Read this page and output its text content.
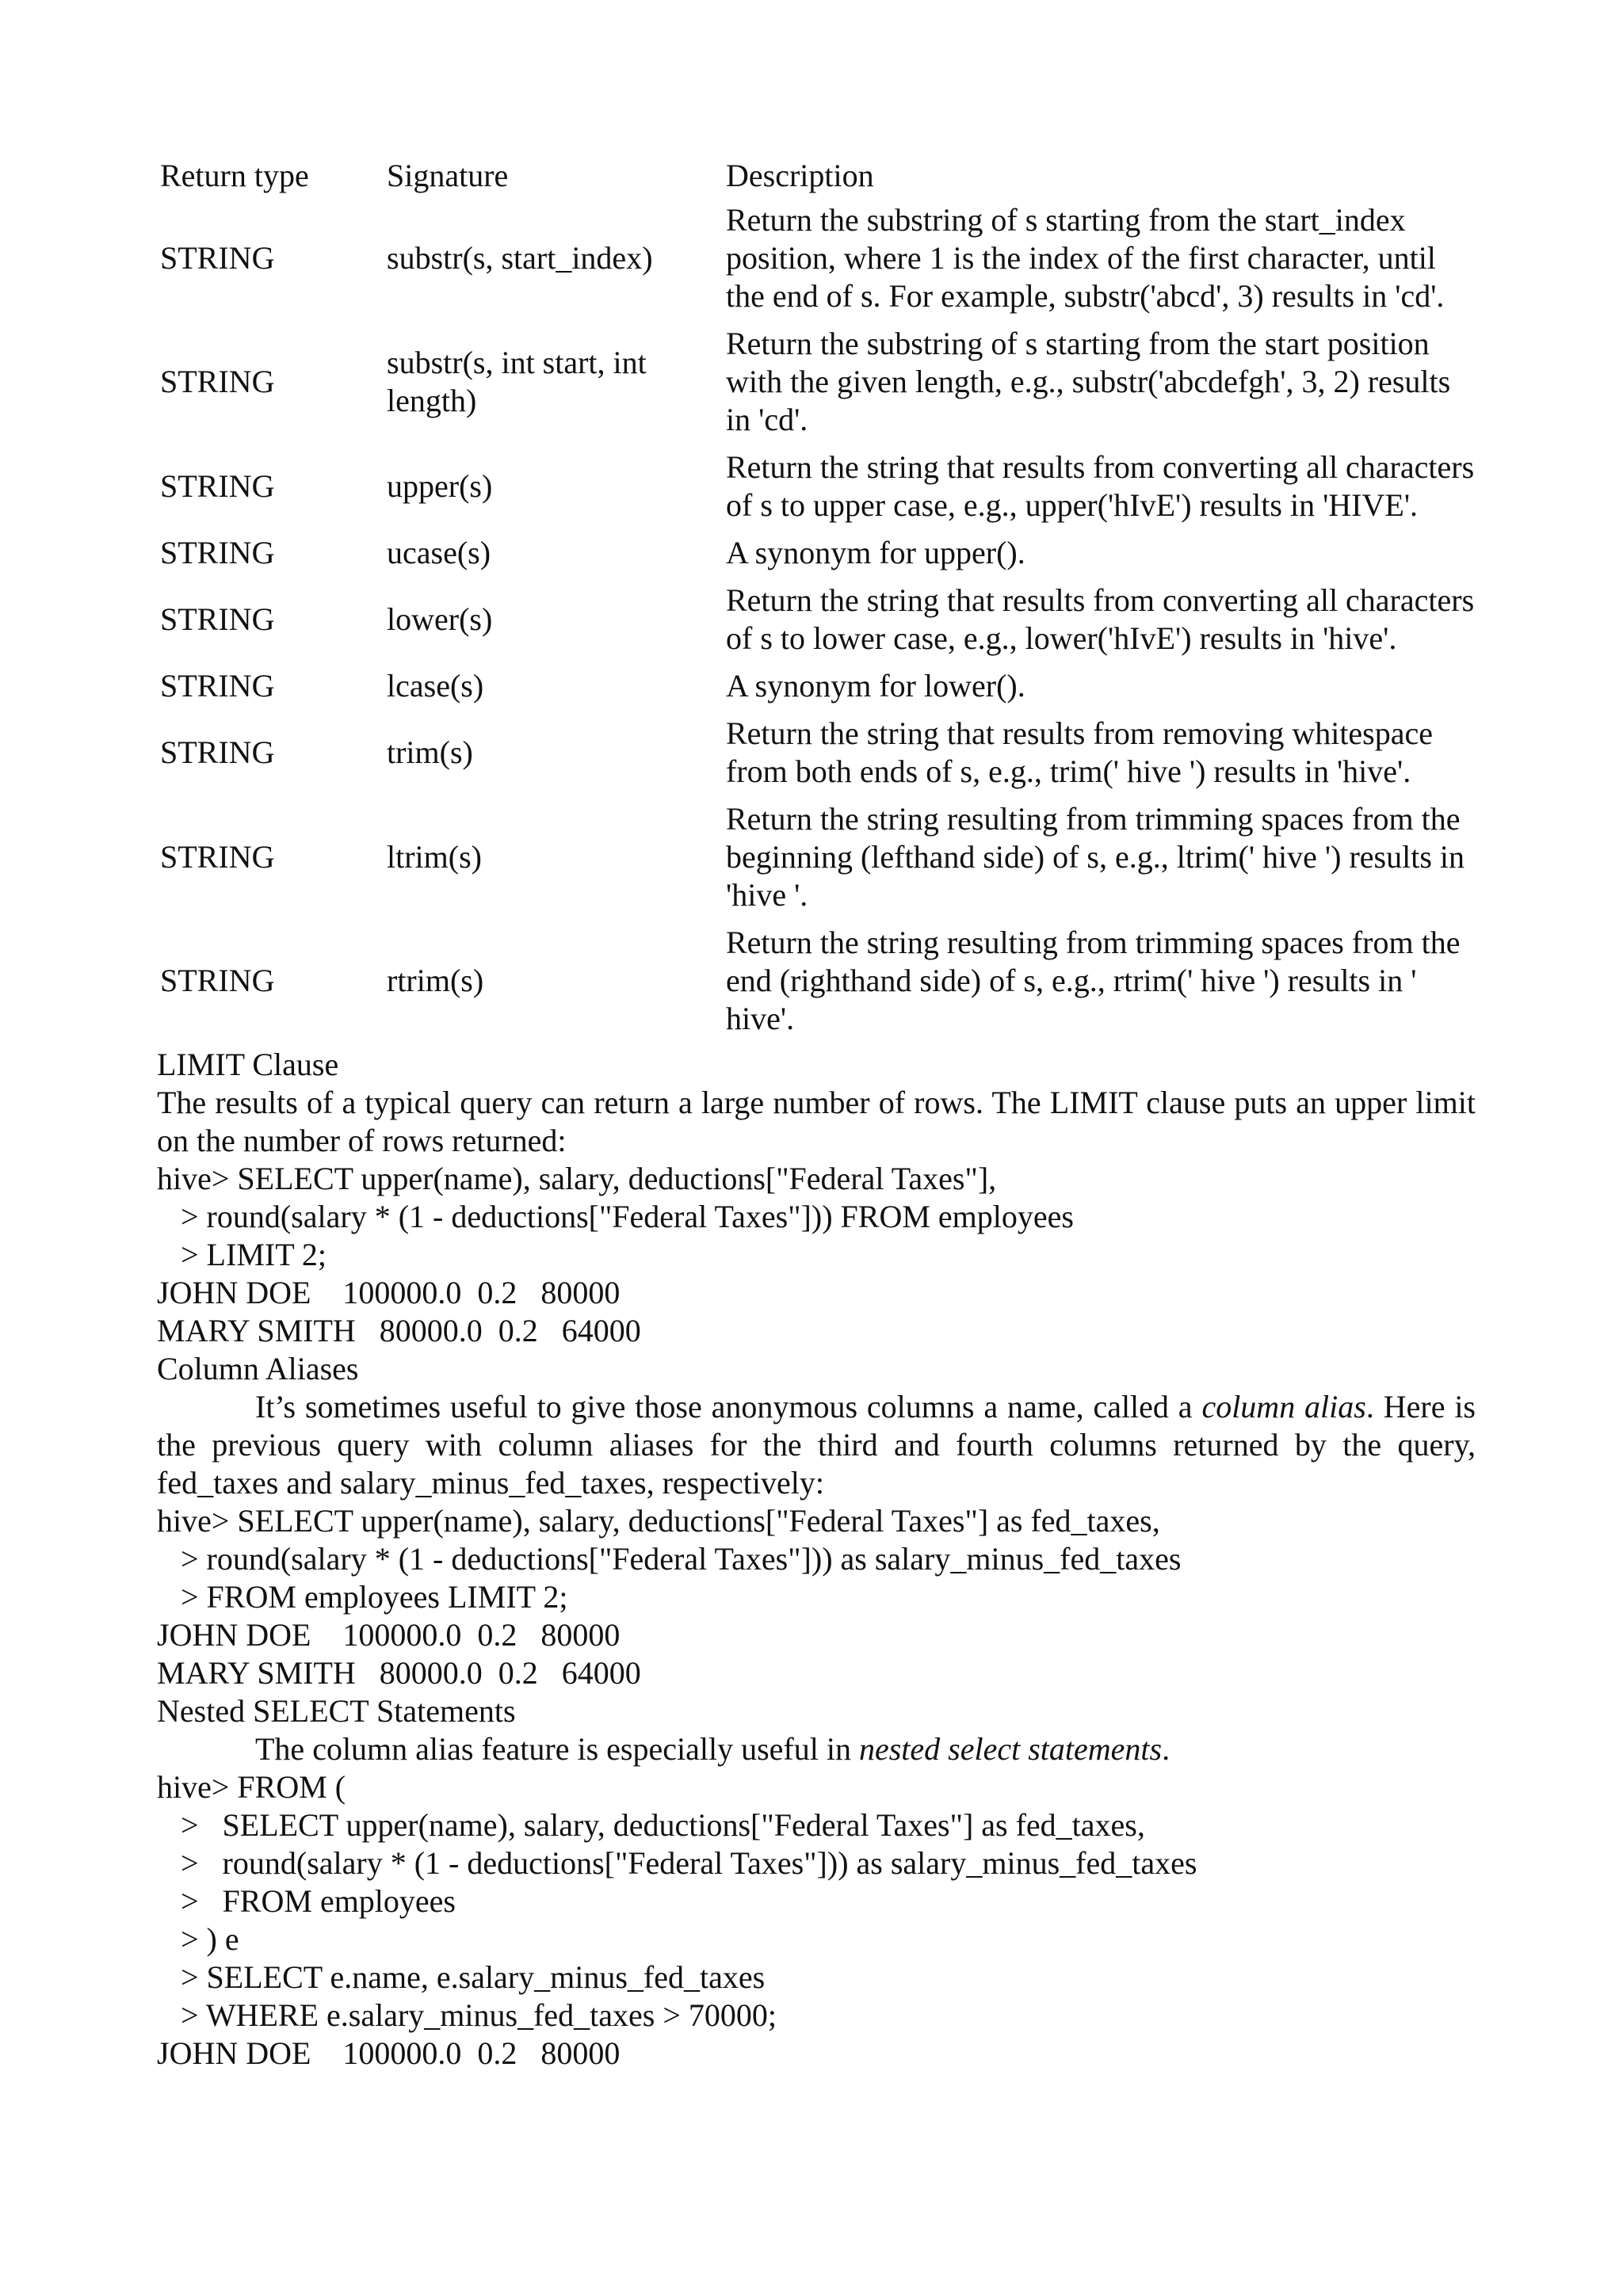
Return type	Signature	Description
STRING	substr(s, start_index)	Return the substring of s starting from the start_index position, where 1 is the index of the first character, until the end of s. For example, substr('abcd', 3) results in 'cd'.
STRING	substr(s, int start, int length)	Return the substring of s starting from the start position with the given length, e.g., substr('abcdefgh', 3, 2) results in 'cd'.
STRING	upper(s)	Return the string that results from converting all characters of s to upper case, e.g., upper('hIvE') results in 'HIVE'.
STRING	ucase(s)	A synonym for upper().
STRING	lower(s)	Return the string that results from converting all characters of s to lower case, e.g., lower('hIvE') results in 'hive'.
STRING	lcase(s)	A synonym for lower().
STRING	trim(s)	Return the string that results from removing whitespace from both ends of s, e.g., trim(' hive ') results in 'hive'.
STRING	ltrim(s)	Return the string resulting from trimming spaces from the beginning (lefthand side) of s, e.g., ltrim(' hive ') results in 'hive '.
STRING	rtrim(s)	Return the string resulting from trimming spaces from the end (righthand side) of s, e.g., rtrim(' hive ') results in ' hive'.
LIMIT Clause
The results of a typical query can return a large number of rows. The LIMIT clause puts an upper limit on the number of rows returned:
hive> SELECT upper(name), salary, deductions["Federal Taxes"],
> round(salary * (1 - deductions["Federal Taxes"])) FROM employees
> LIMIT 2;
JOHN DOE    100000.0  0.2   80000
MARY SMITH   80000.0  0.2   64000
Column Aliases
It’s sometimes useful to give those anonymous columns a name, called a column alias. Here is the previous query with column aliases for the third and fourth columns returned by the query, fed_taxes and salary_minus_fed_taxes, respectively:
hive> SELECT upper(name), salary, deductions["Federal Taxes"] as fed_taxes,
> round(salary * (1 - deductions["Federal Taxes"])) as salary_minus_fed_taxes
> FROM employees LIMIT 2;
JOHN DOE    100000.0  0.2   80000
MARY SMITH   80000.0  0.2   64000
Nested SELECT Statements
The column alias feature is especially useful in nested select statements.
hive> FROM (
>   SELECT upper(name), salary, deductions["Federal Taxes"] as fed_taxes,
>   round(salary * (1 - deductions["Federal Taxes"])) as salary_minus_fed_taxes
>   FROM employees
> ) e
> SELECT e.name, e.salary_minus_fed_taxes
> WHERE e.salary_minus_fed_taxes > 70000;
JOHN DOE    100000.0  0.2   80000
